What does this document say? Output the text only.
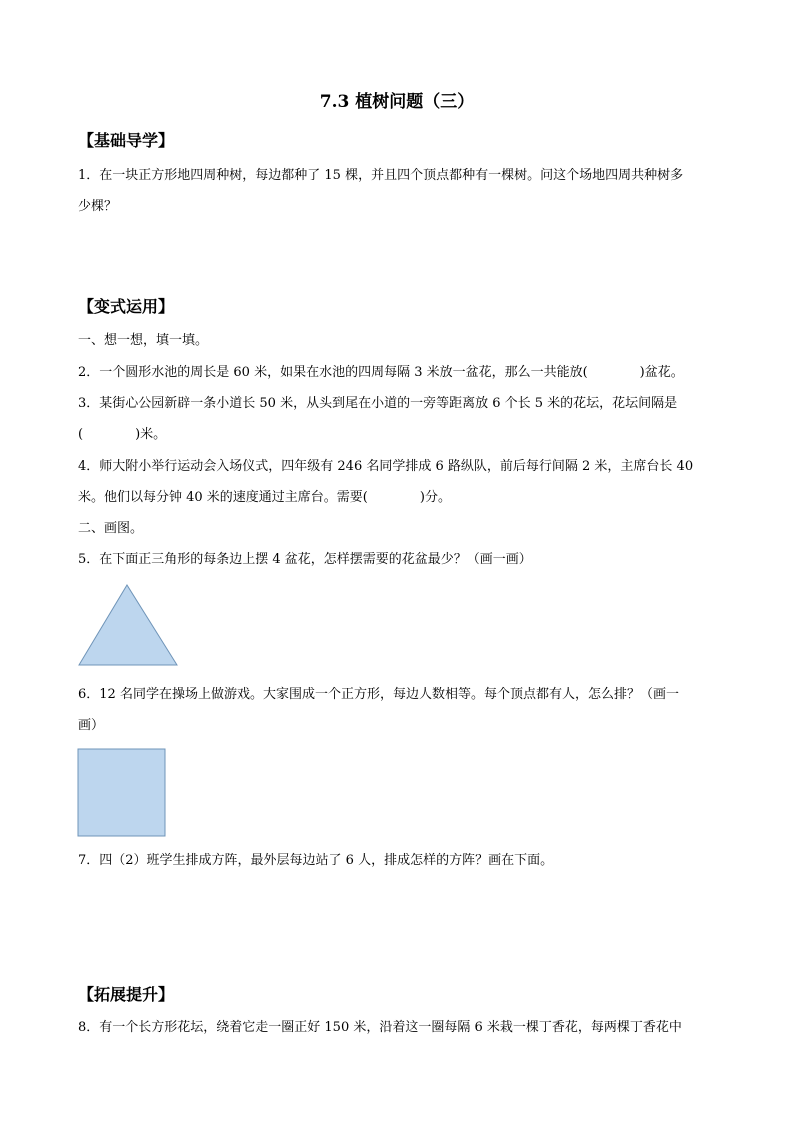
7.3 植树问题（三）
【基础导学】
1．在一块正方形地四周种树，每边都种了 15 棵，并且四个顶点都种有一棵树。问这个场地四周共种树多
少棵？
【变式运用】
一、想一想，填一填。
2．一个圆形水池的周长是 60 米，如果在水池的四周每隔 3 米放一盆花，那么一共能放(　　　　)盆花。
3．某街心公园新辟一条小道长 50 米，从头到尾在小道的一旁等距离放 6 个长 5 米的花坛，花坛间隔是
(　　　　)米。
4．师大附小举行运动会入场仪式，四年级有 246 名同学排成 6 路纵队，前后每行间隔 2 米，主席台长 40
米。他们以每分钟 40 米的速度通过主席台。需要(　　　　)分。
二、画图。
5．在下面正三角形的每条边上摆 4 盆花，怎样摆需要的花盆最少？（画一画）
6．12 名同学在操场上做游戏。大家围成一个正方形，每边人数相等。每个顶点都有人，怎么排？（画一
画）
7．四（2）班学生排成方阵，最外层每边站了 6 人，排成怎样的方阵？画在下面。
【拓展提升】
8．有一个长方形花坛，绕着它走一圈正好 150 米，沿着这一圈每隔 6 米栽一棵丁香花，每两棵丁香花中
